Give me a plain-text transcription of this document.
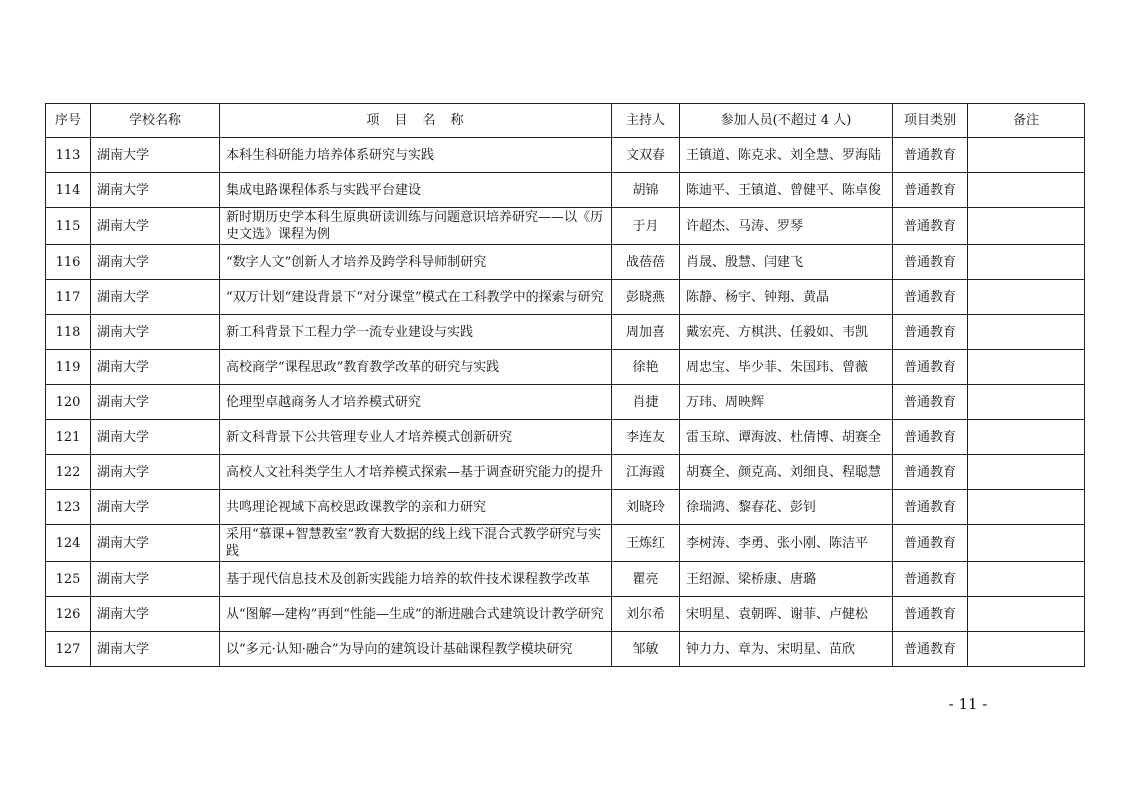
序号	学校名称	项　目　名　称	主持人	参加人员(不超过 4 人)	项目类别	备注
113	湖南大学	本科生科研能力培养体系研究与实践	文双春	王镇道、陈克求、刘全慧、罗海陆	普通教育	
114	湖南大学	集成电路课程体系与实践平台建设	胡锦	陈迪平、王镇道、曾健平、陈卓俊	普通教育	
115	湖南大学	新时期历史学本科生原典研读训练与问题意识培养研究——以《历史文选》课程为例	于月	许超杰、马涛、罗琴	普通教育	
116	湖南大学	“数字人文”创新人才培养及跨学科导师制研究	战蓓蓓	肖晟、殷慧、闫建飞	普通教育	
117	湖南大学	“双万计划“建设背景下“对分课堂”模式在工科教学中的探索与研究	彭晓燕	陈静、杨宇、钟翔、黄晶	普通教育	
118	湖南大学	新工科背景下工程力学一流专业建设与实践	周加喜	戴宏亮、方棋洪、任毅如、韦凯	普通教育	
119	湖南大学	高校商学“课程思政”教育教学改革的研究与实践	徐艳	周忠宝、毕少菲、朱国玮、曾薇	普通教育	
120	湖南大学	伦理型卓越商务人才培养模式研究	肖捷	万玮、周映辉	普通教育	
121	湖南大学	新文科背景下公共管理专业人才培养模式创新研究	李连友	雷玉琼、谭海波、杜倩博、胡赛全	普通教育	
122	湖南大学	高校人文社科类学生人才培养模式探索—基于调查研究能力的提升	江海霞	胡赛全、颜克高、刘细良、程聪慧	普通教育	
123	湖南大学	共鸣理论视域下高校思政课教学的亲和力研究	刘晓玲	徐瑞鸿、黎春花、彭钊	普通教育	
124	湖南大学	采用“慕课+智慧教室”教育大数据的线上线下混合式教学研究与实践	王炼红	李树涛、李勇、张小刚、陈洁平	普通教育	
125	湖南大学	基于现代信息技术及创新实践能力培养的软件技术课程教学改革	瞿亮	王绍源、梁桥康、唐璐	普通教育	
126	湖南大学	从“图解—建构”再到“性能—生成”的渐进融合式建筑设计教学研究	刘尔希	宋明星、袁朝晖、谢菲、卢健松	普通教育	
127	湖南大学	以“多元·认知·融合”为导向的建筑设计基础课程教学模块研究	邹敏	钟力力、章为、宋明星、苗欣	普通教育	
- 11 -
